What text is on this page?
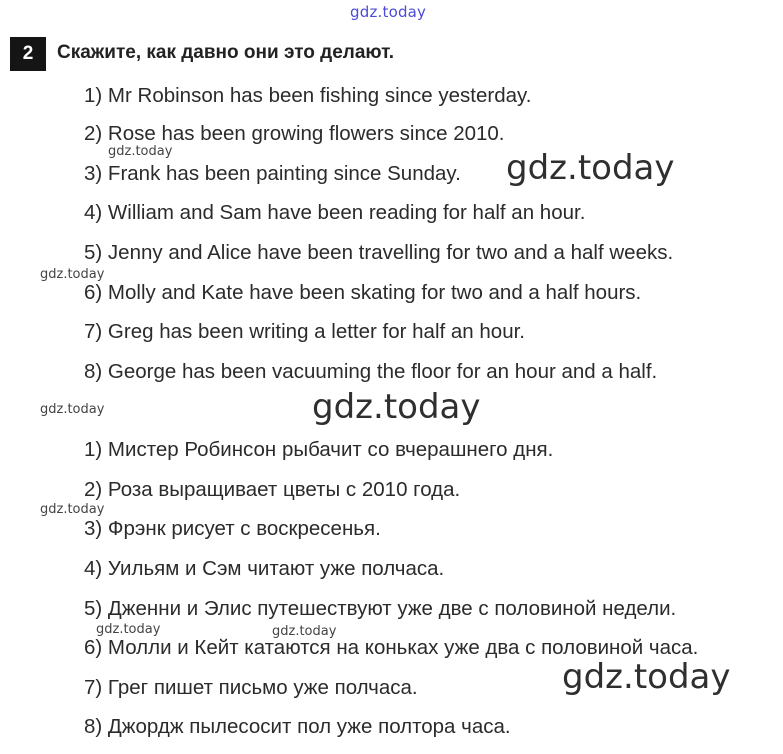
gdz.today
2	Скажите, как давно они это делают.
1) Mr Robinson has been fishing since yesterday.
2) Rose has been growing flowers since 2010.
3) Frank has been painting since Sunday.
4) William and Sam have been reading for half an hour.
5) Jenny and Alice have been travelling for two and a half weeks.
6) Molly and Kate have been skating for two and a half hours.
7) Greg has been writing a letter for half an hour.
8) George has been vacuuming the floor for an hour and a half.
1) Мистер Робинсон рыбачит со вчерашнего дня.
2) Роза выращивает цветы с 2010 года.
3) Фрэнк рисует с воскресенья.
4) Уильям и Сэм читают уже полчаса.
5) Дженни и Элис путешествуют уже две с половиной недели.
6) Молли и Кейт катаются на коньках уже два с половиной часа.
7) Грег пишет письмо уже полчаса.
8) Джордж пылесосит пол уже полтора часа.
gdz.today	gdz.today
gdz.today
gdz.today	gdz.today
gdz.today
gdz.today	gdz.today
gdz.today
